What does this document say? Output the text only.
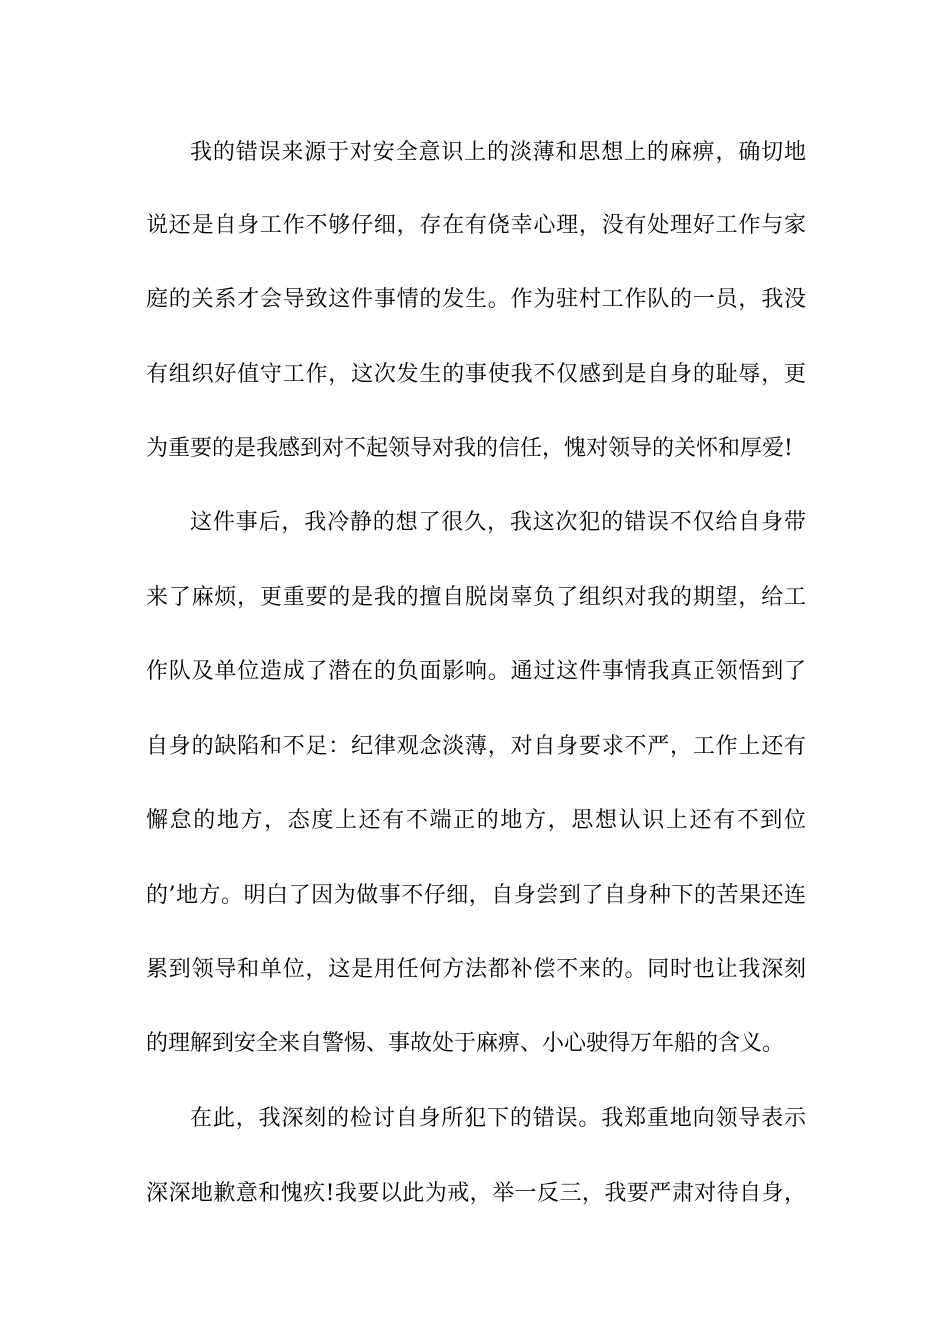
我的错误来源于对安全意识上的淡薄和思想上的麻痹，确切地
说还是自身工作不够仔细，存在有侥幸心理，没有处理好工作与家
庭的关系才会导致这件事情的发生。作为驻村工作队的一员，我没
有组织好值守工作，这次发生的事使我不仅感到是自身的耻辱，更
为重要的是我感到对不起领导对我的信任，愧对领导的关怀和厚爱!
这件事后，我冷静的想了很久，我这次犯的错误不仅给自身带
来了麻烦，更重要的是我的擅自脱岗辜负了组织对我的期望，给工
作队及单位造成了潜在的负面影响。通过这件事情我真正领悟到了
自身的缺陷和不足：纪律观念淡薄，对自身要求不严，工作上还有
懈怠的地方，态度上还有不端正的地方，思想认识上还有不到位
的’地方。明白了因为做事不仔细，自身尝到了自身种下的苦果还连
累到领导和单位，这是用任何方法都补偿不来的。同时也让我深刻
的理解到安全来自警惕、事故处于麻痹、小心驶得万年船的含义。
在此，我深刻的检讨自身所犯下的错误。我郑重地向领导表示
深深地歉意和愧疚!我要以此为戒，举一反三，我要严肃对待自身，
